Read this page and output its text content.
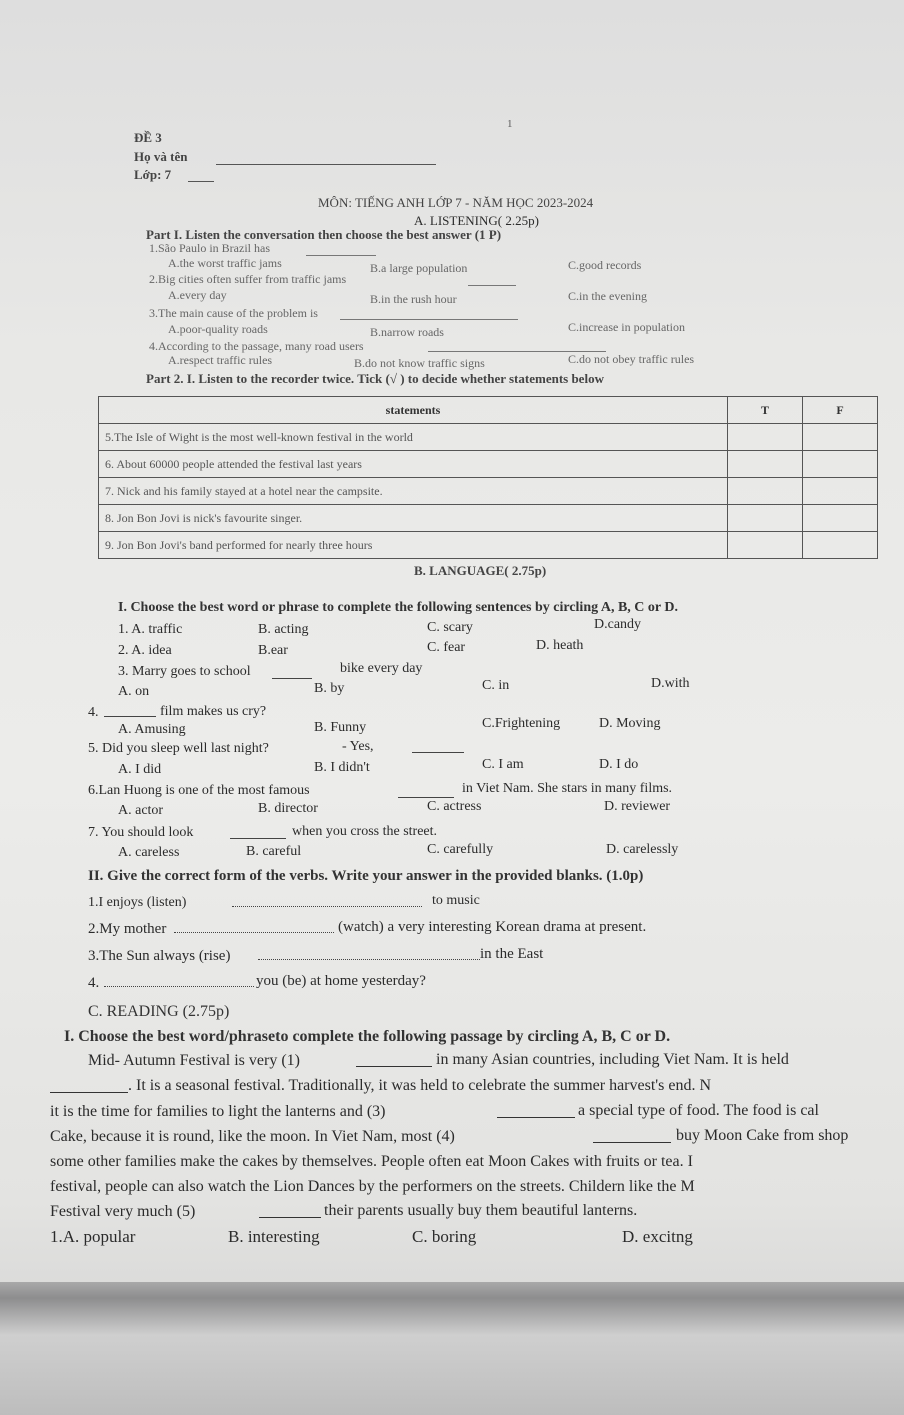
1
ĐỀ 3
Họ và tên
Lớp: 7
MÔN: TIẾNG ANH LỚP 7 - NĂM HỌC 2023-2024
A. LISTENING( 2.25p)
Part I. Listen the conversation then choose the best answer (1 P)
1.São Paulo in Brazil has
A.the worst traffic jams	B.a large population	C.good records
2.Big cities often suffer from traffic jams
A.every day	B.in the rush hour	C.in the evening
3.The main cause of the problem is
A.poor-quality roads	B.narrow roads	C.increase in population
4.According to the passage, many road users
A.respect traffic rules	B.do not know traffic signs	C.do not obey traffic rules
Part 2. I. Listen to the recorder twice. Tick (√ ) to decide whether statements below
statements	T	F
5.The Isle of Wight is the most well-known festival in the world		
6. About 60000 people attended the festival last years		
7. Nick and his family stayed at a hotel near the campsite.		
8. Jon Bon Jovi is nick's favourite singer.		
9. Jon Bon Jovi's band performed for nearly three hours		
B. LANGUAGE( 2.75p)
I. Choose the best word or phrase to complete the following sentences by circling A, B, C or D.
1. A. traffic	B. acting	C. scary	D.candy
2. A. idea	B.ear	C. fear	D. heath
3. Marry goes to school	bike every day
A. on	B. by	C. in	D.with
4.	film makes us cry?
A. Amusing	B. Funny	C.Frightening	D. Moving
5. Did you sleep well last night?	- Yes,
A. I did	B. I didn't	C. I am	D. I do
6.Lan Huong is one of the most famous	in Viet Nam. She stars in many films.
A. actor	B. director	C. actress	D. reviewer
7. You should look	when you cross the street.
A. careless	B. careful	C. carefully	D. carelessly
II. Give the correct form of the verbs. Write your answer in the provided blanks. (1.0p)
1.I enjoys (listen)	to music
2.My mother	(watch) a very interesting Korean drama at present.
3.The Sun always (rise)	in the East
4.	you (be) at home yesterday?
C. READING (2.75p)
I. Choose the best word/phraseto complete the following passage by circling A, B, C or D.
Mid- Autumn Festival is very (1)	in many Asian countries, including Viet Nam. It is held
. It is a seasonal festival. Traditionally, it was held to celebrate the summer harvest's end. N
it is the time for families to light the lanterns and (3)	a special type of food. The food is cal
Cake, because it is round, like the moon. In Viet Nam, most (4)	buy Moon Cake from shop
some other families make the cakes by themselves. People often eat Moon Cakes with fruits or tea. I
festival, people can also watch the Lion Dances by the performers on the streets. Childern like the M
Festival very much (5)	their parents usually buy them beautiful lanterns.
1.A. popular	B. interesting	C. boring	D. excitng
